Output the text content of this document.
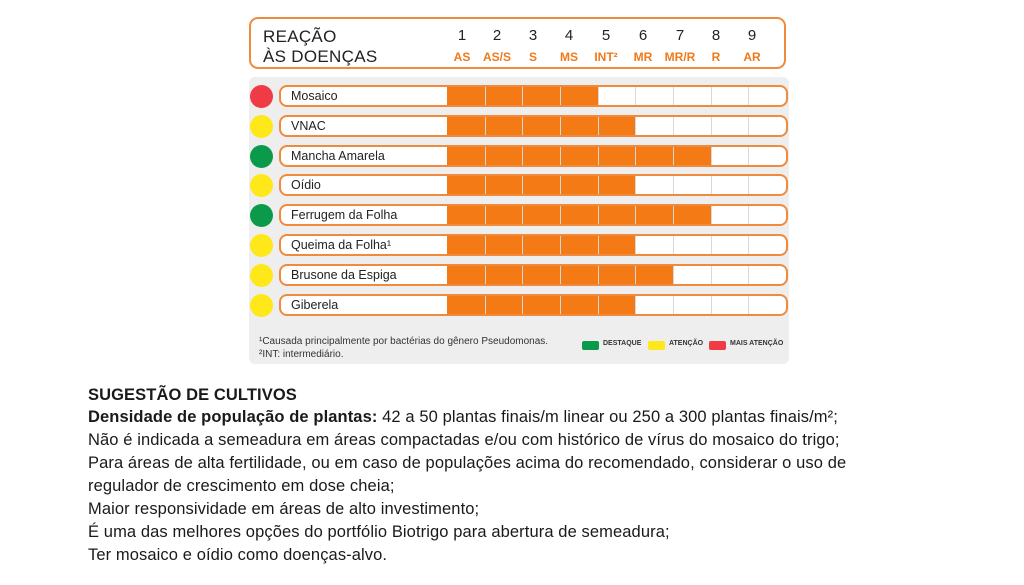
REAÇÃO
ÀS DOENÇAS
1
AS
2
AS/S
3
S
4
MS
5
INT²
6
MR
7
MR/R
8
R
9
AR
Mosaico
VNAC
Mancha Amarela
Oídio
Ferrugem da Folha
Queima da Folha¹
Brusone da Espiga
Giberela
¹Causada principalmente por bactérias do gênero Pseudomonas.
²INT: intermediário.
DESTAQUE	ATENÇÃO	MAIS ATENÇÃO
SUGESTÃO DE CULTIVOS
Densidade de população de plantas: 42 a 50 plantas finais/m linear ou 250 a 300 plantas finais/m²;
Não é indicada a semeadura em áreas compactadas e/ou com histórico de vírus do mosaico do trigo;
Para áreas de alta fertilidade, ou em caso de populações acima do recomendado, considerar o uso de
regulador de crescimento em dose cheia;
Maior responsividade em áreas de alto investimento;
É uma das melhores opções do portfólio Biotrigo para abertura de semeadura;
Ter mosaico e oídio como doenças-alvo.
